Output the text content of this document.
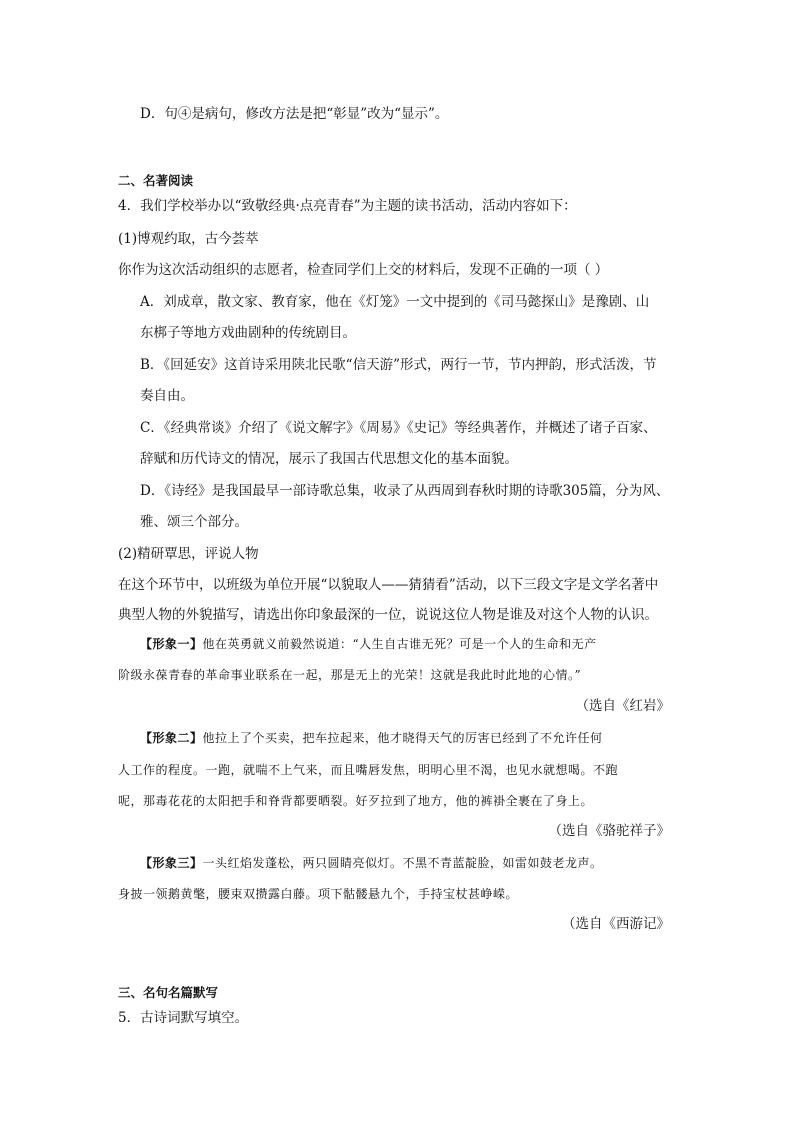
D．句④是病句，修改方法是把“彰显”改为“显示”。
二、名著阅读
4．我们学校举办以“致敬经典·点亮青春”为主题的读书活动，活动内容如下：
(1)博观约取，古今荟萃
你作为这次活动组织的志愿者，检查同学们上交的材料后，发现不正确的一项（ ）
A．刘成章，散文家、教育家，他在《灯笼》一文中提到的《司马懿探山》是豫剧、山
东梆子等地方戏曲剧种的传统剧目。
B．《回延安》这首诗采用陕北民歌“信天游”形式，两行一节，节内押韵，形式活泼，节
奏自由。
C．《经典常谈》介绍了《说文解字》《周易》《史记》等经典著作，并概述了诸子百家、
辞赋和历代诗文的情况，展示了我国古代思想文化的基本面貌。
D．《诗经》是我国最早一部诗歌总集，收录了从西周到春秋时期的诗歌305篇，分为风、
雅、颂三个部分。
(2)精研覃思，评说人物
在这个环节中，以班级为单位开展“以貌取人——猜猜看”活动，以下三段文字是文学名著中
典型人物的外貌描写，请选出你印象最深的一位，说说这位人物是谁及对这个人物的认识。
【形象一】他在英勇就义前毅然说道：“人生自古谁无死？可是一个人的生命和无产
阶级永葆青春的革命事业联系在一起，那是无上的光荣！这就是我此时此地的心情。”
（选自《红岩》
【形象二】他拉上了个买卖，把车拉起来，他才晓得天气的厉害已经到了不允许任何
人工作的程度。一跑，就喘不上气来，而且嘴唇发焦，明明心里不渴，也见水就想喝。不跑
呢，那毒花花的太阳把手和脊背都要晒裂。好歹拉到了地方，他的裤褂全裹在了身上。
（选自《骆驼祥子》
【形象三】一头红焰发蓬松，两只圆睛亮似灯。不黑不青蓝靛脸，如雷如鼓老龙声。
身披一领鹅黄氅，腰束双攒露白藤。项下骷髅悬九个，手持宝杖甚峥嵘。
（选自《西游记》
三、名句名篇默写
5．古诗词默写填空。
